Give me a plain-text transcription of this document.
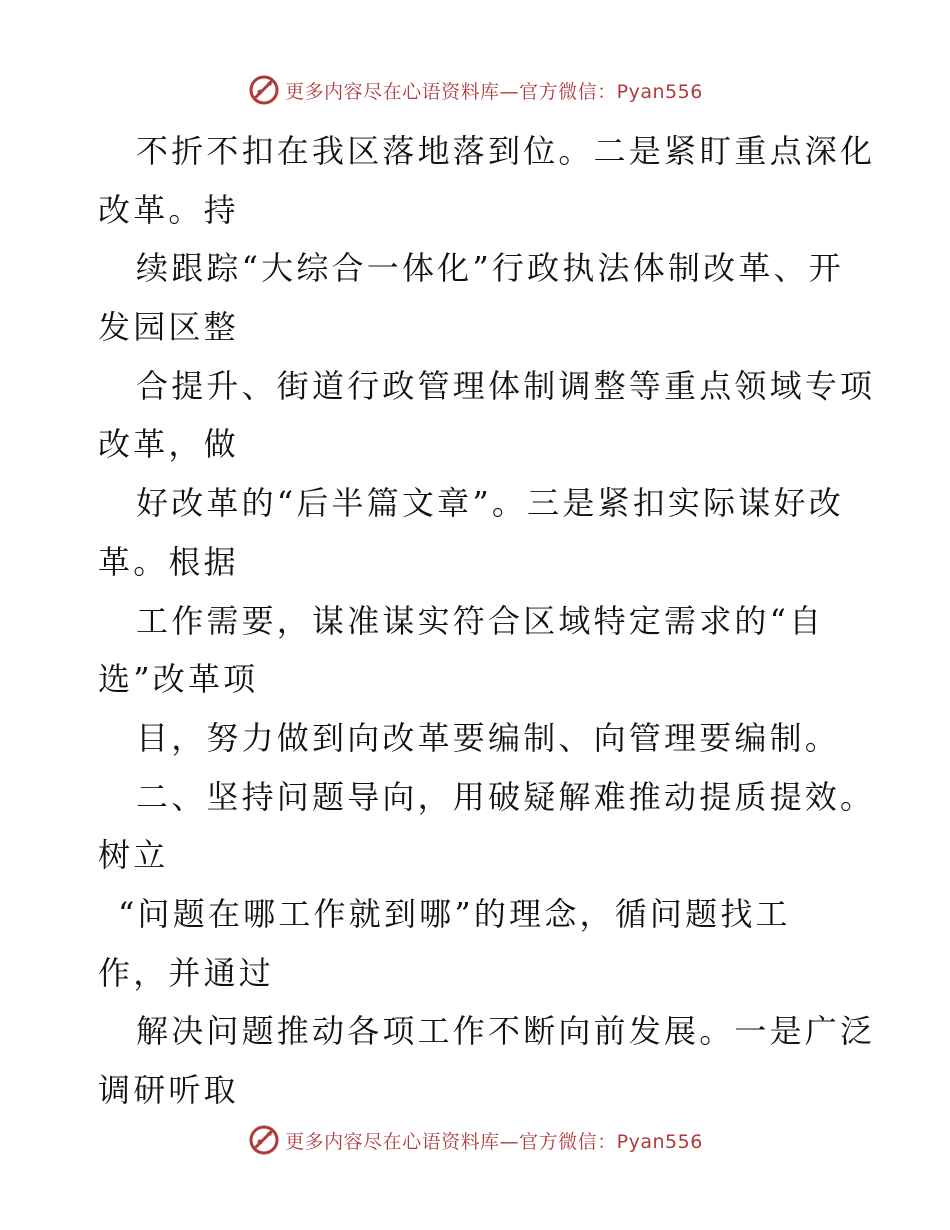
更多内容尽在心语资料库—官方微信：Pyan556
不折不扣在我区落地落到位。二是紧盯重点深化
改革。持
续跟踪“大综合一体化”行政执法体制改革、开
发园区整
合提升、街道行政管理体制调整等重点领域专项
改革，做
好改革的“后半篇文章”。三是紧扣实际谋好改
革。根据
工作需要，谋准谋实符合区域特定需求的“自
选”改革项
目，努力做到向改革要编制、向管理要编制。
二、坚持问题导向，用破疑解难推动提质提效。
树立
“问题在哪工作就到哪”的理念，循问题找工
作，并通过
解决问题推动各项工作不断向前发展。一是广泛
调研听取
更多内容尽在心语资料库—官方微信：Pyan556
